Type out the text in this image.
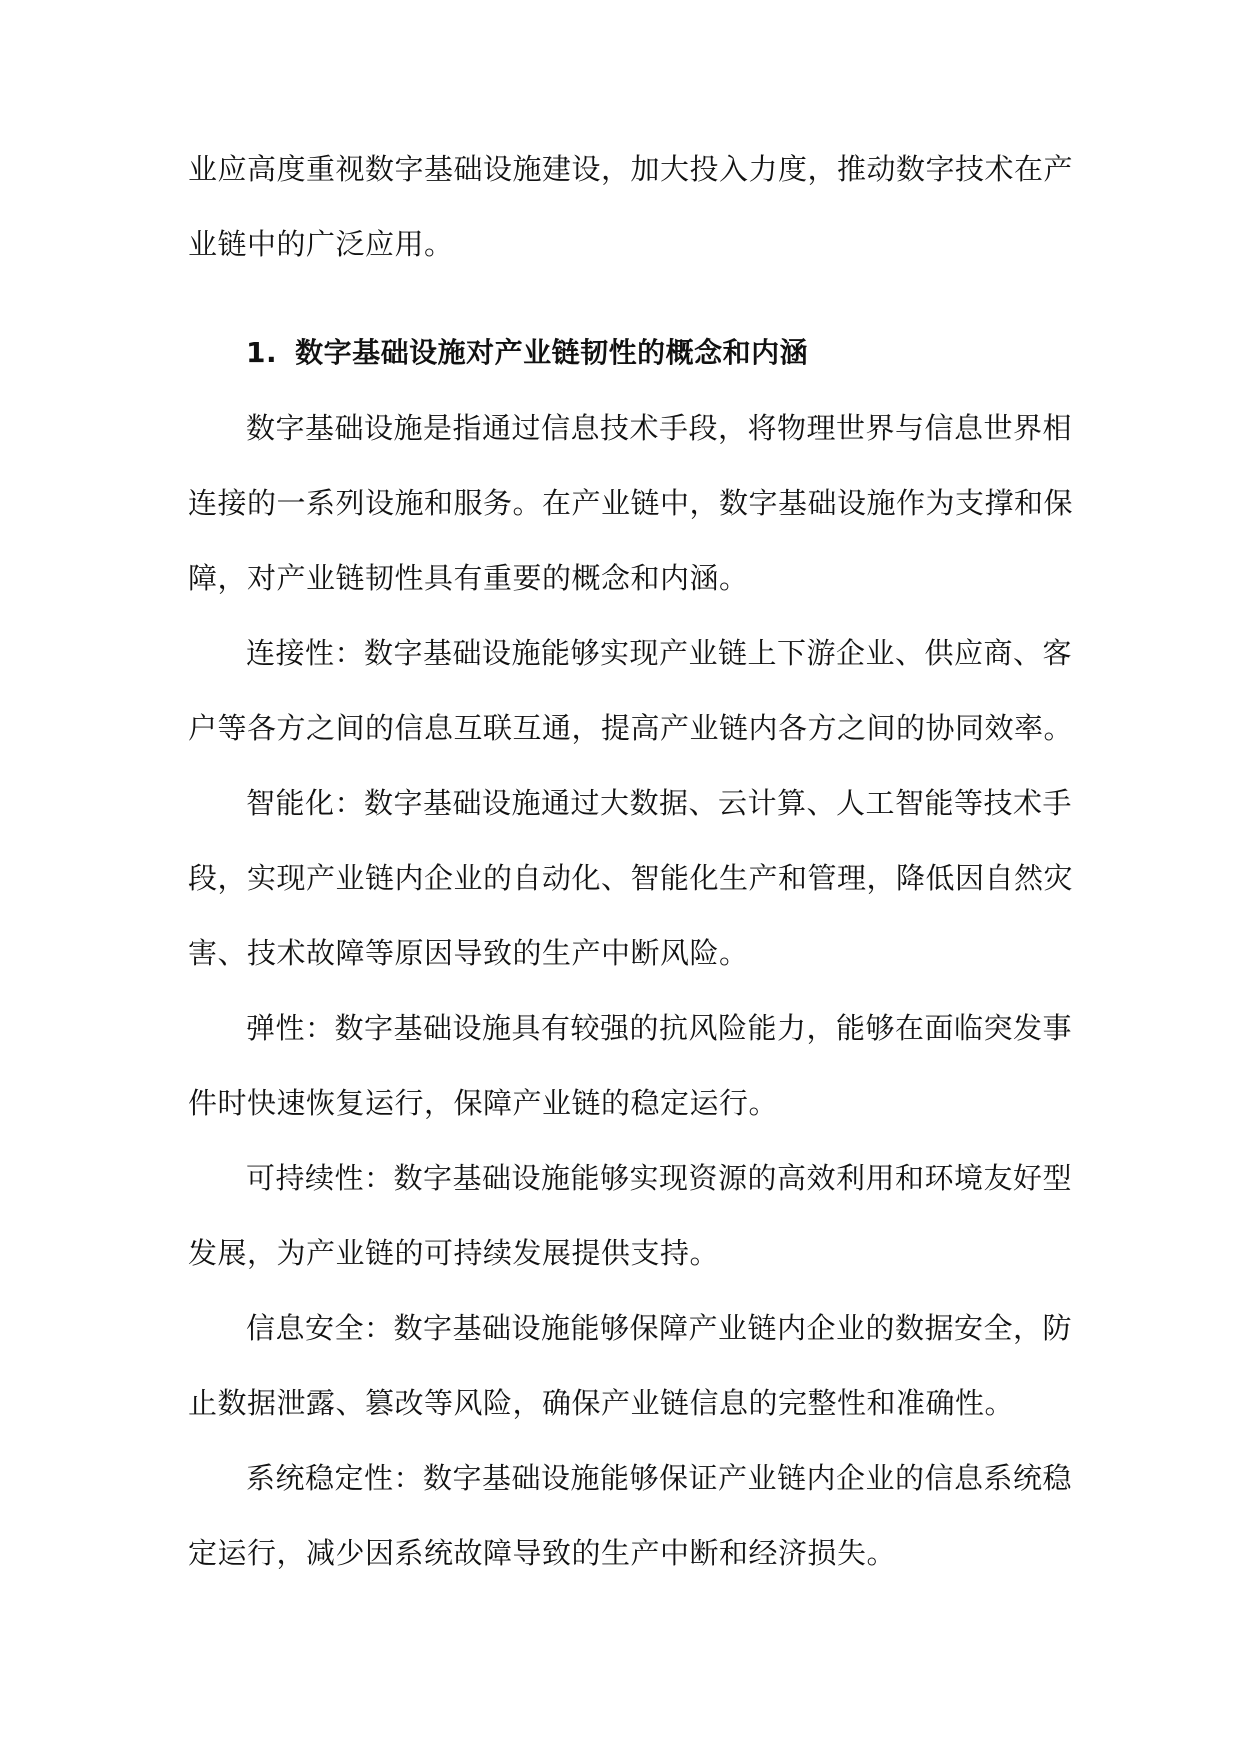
业应高度重视数字基础设施建设，加大投入力度，推动数字技术在产
业链中的广泛应用。
1. 数字基础设施对产业链韧性的概念和内涵
数字基础设施是指通过信息技术手段，将物理世界与信息世界相
连接的一系列设施和服务。在产业链中，数字基础设施作为支撑和保
障，对产业链韧性具有重要的概念和内涵。
连接性：数字基础设施能够实现产业链上下游企业、供应商、客
户等各方之间的信息互联互通，提高产业链内各方之间的协同效率。
智能化：数字基础设施通过大数据、云计算、人工智能等技术手
段，实现产业链内企业的自动化、智能化生产和管理，降低因自然灾
害、技术故障等原因导致的生产中断风险。
弹性：数字基础设施具有较强的抗风险能力，能够在面临突发事
件时快速恢复运行，保障产业链的稳定运行。
可持续性：数字基础设施能够实现资源的高效利用和环境友好型
发展，为产业链的可持续发展提供支持。
信息安全：数字基础设施能够保障产业链内企业的数据安全，防
止数据泄露、篡改等风险，确保产业链信息的完整性和准确性。
系统稳定性：数字基础设施能够保证产业链内企业的信息系统稳
定运行，减少因系统故障导致的生产中断和经济损失。
